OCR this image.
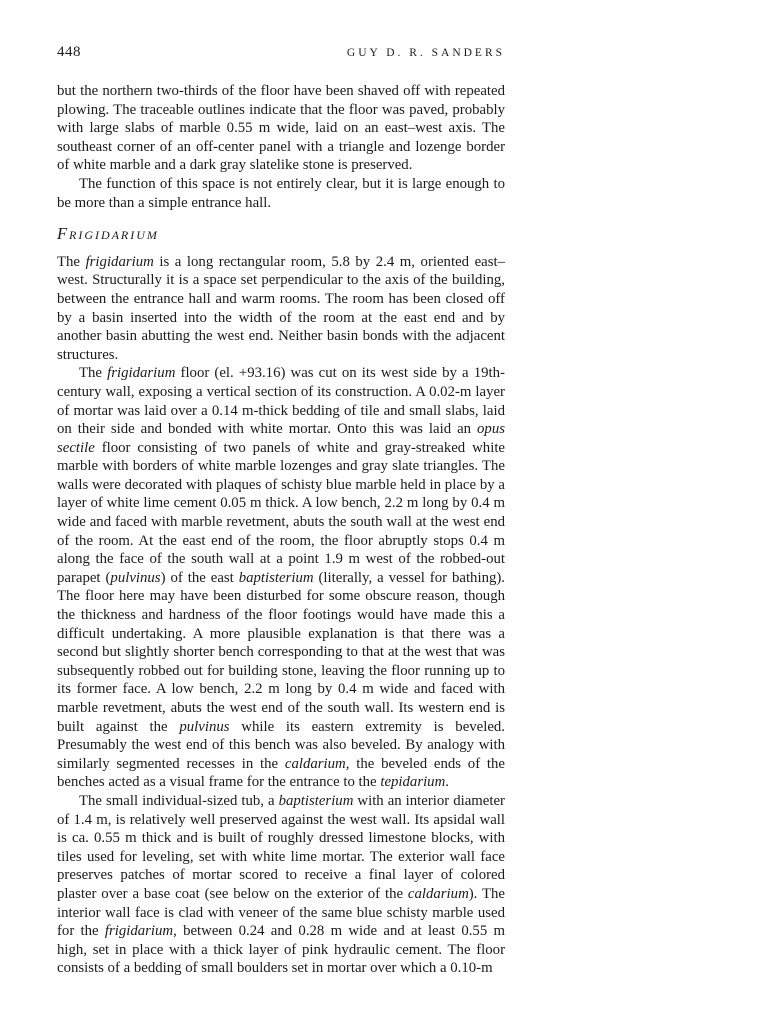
448	GUY D. R. SANDERS

but the northern two-thirds of the floor have been shaved off with repeated plowing. The traceable outlines indicate that the floor was paved, probably with large slabs of marble 0.55 m wide, laid on an east–west axis. The southeast corner of an off-center panel with a triangle and lozenge border of white marble and a dark gray slatelike stone is preserved.

The function of this space is not entirely clear, but it is large enough to be more than a simple entrance hall.

Frigidarium

The frigidarium is a long rectangular room, 5.8 by 2.4 m, oriented east–west. Structurally it is a space set perpendicular to the axis of the building, between the entrance hall and warm rooms. The room has been closed off by a basin inserted into the width of the room at the east end and by another basin abutting the west end. Neither basin bonds with the adjacent structures.

The frigidarium floor (el. +93.16) was cut on its west side by a 19th-century wall, exposing a vertical section of its construction. A 0.02-m layer of mortar was laid over a 0.14 m-thick bedding of tile and small slabs, laid on their side and bonded with white mortar. Onto this was laid an opus sectile floor consisting of two panels of white and gray-streaked white marble with borders of white marble lozenges and gray slate triangles. The walls were decorated with plaques of schisty blue marble held in place by a layer of white lime cement 0.05 m thick. A low bench, 2.2 m long by 0.4 m wide and faced with marble revetment, abuts the south wall at the west end of the room. At the east end of the room, the floor abruptly stops 0.4 m along the face of the south wall at a point 1.9 m west of the robbed-out parapet (pulvinus) of the east baptisterium (literally, a vessel for bathing). The floor here may have been disturbed for some obscure reason, though the thickness and hardness of the floor footings would have made this a difficult undertaking. A more plausible explanation is that there was a second but slightly shorter bench corresponding to that at the west that was subsequently robbed out for building stone, leaving the floor running up to its former face. A low bench, 2.2 m long by 0.4 m wide and faced with marble revetment, abuts the west end of the south wall. Its western end is built against the pulvinus while its eastern extremity is beveled. Presumably the west end of this bench was also beveled. By analogy with similarly segmented recesses in the caldarium, the beveled ends of the benches acted as a visual frame for the entrance to the tepidarium.

The small individual-sized tub, a baptisterium with an interior diameter of 1.4 m, is relatively well preserved against the west wall. Its apsidal wall is ca. 0.55 m thick and is built of roughly dressed limestone blocks, with tiles used for leveling, set with white lime mortar. The exterior wall face preserves patches of mortar scored to receive a final layer of colored plaster over a base coat (see below on the exterior of the caldarium). The interior wall face is clad with veneer of the same blue schisty marble used for the frigidarium, between 0.24 and 0.28 m wide and at least 0.55 m high, set in place with a thick layer of pink hydraulic cement. The floor consists of a bedding of small boulders set in mortar over which a 0.10-m
